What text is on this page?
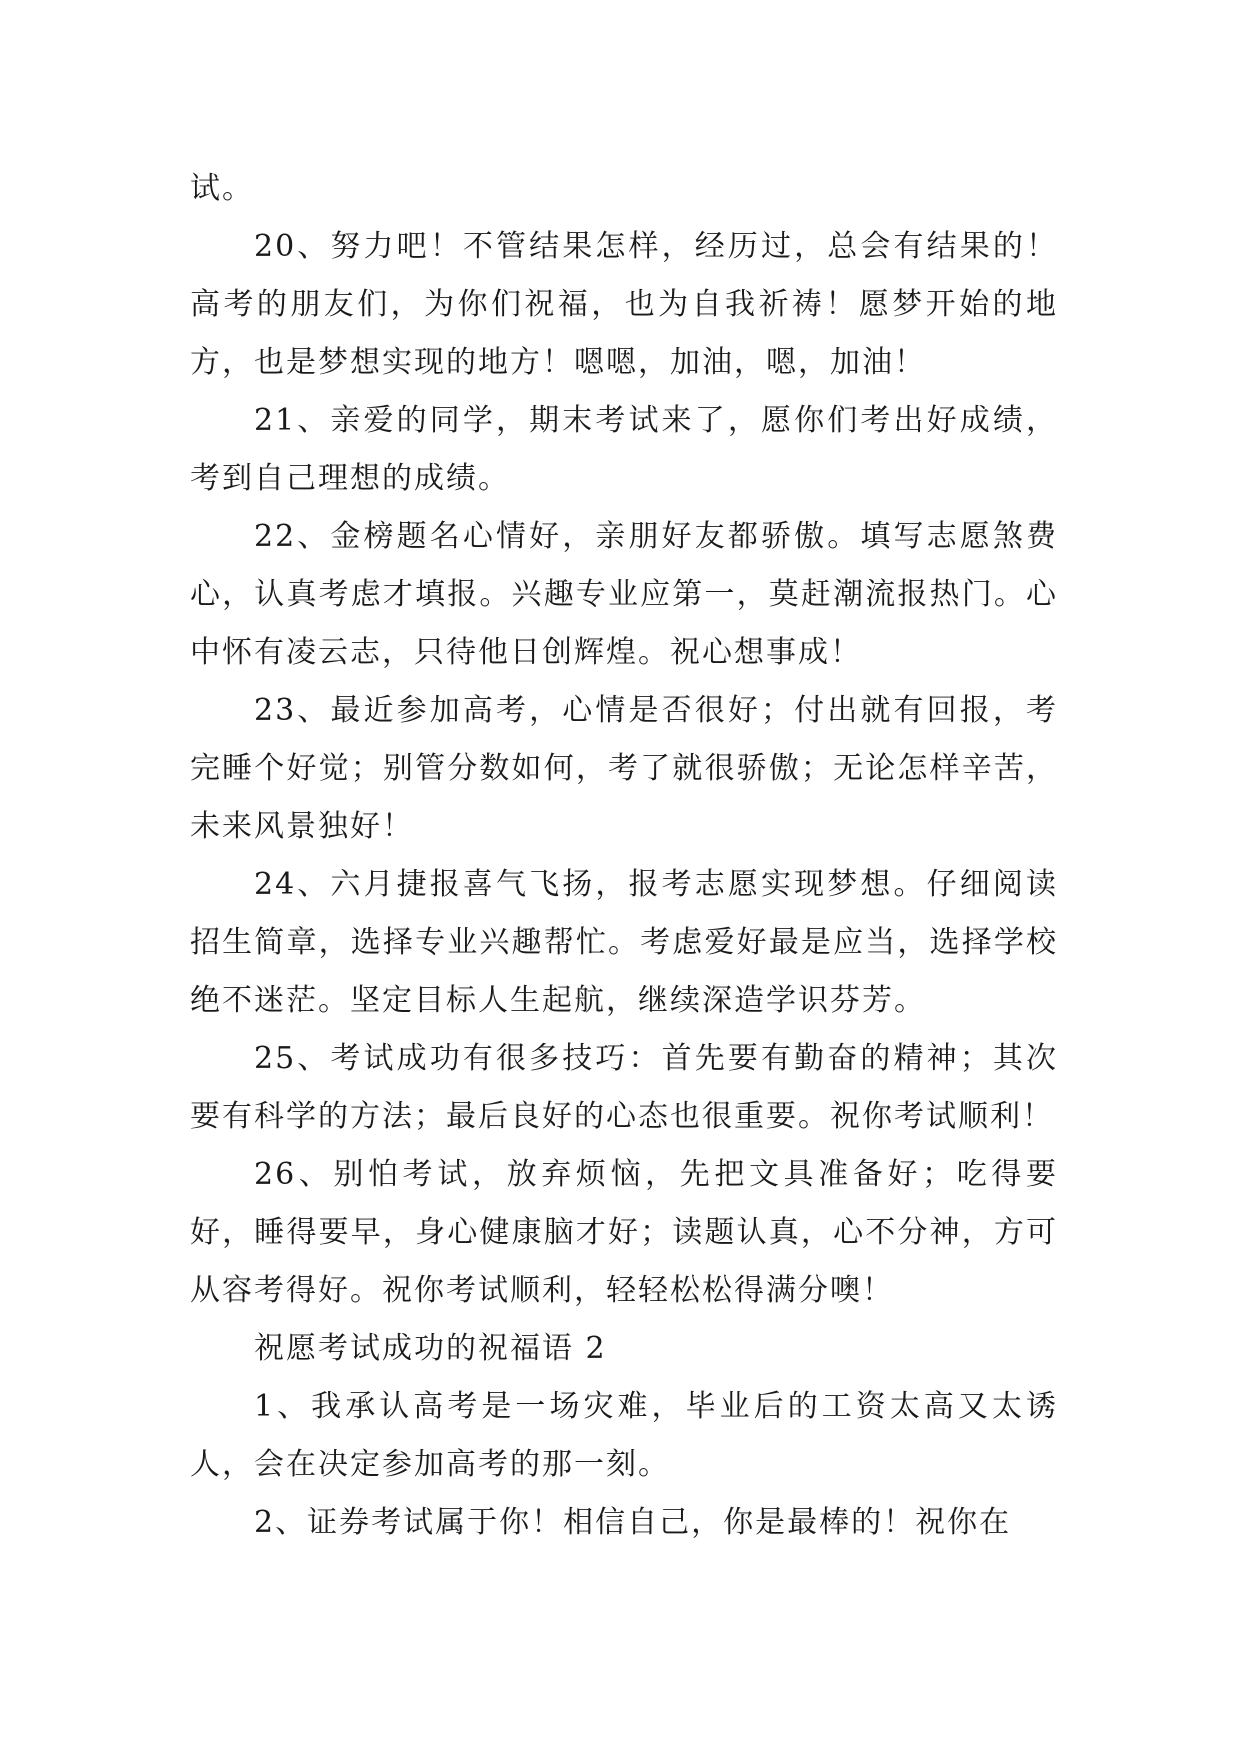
试。

20、努力吧！不管结果怎样，经历过，总会有结果的！高考的朋友们，为你们祝福，也为自我祈祷！愿梦开始的地方，也是梦想实现的地方！嗯嗯，加油，嗯，加油！

21、亲爱的同学，期末考试来了，愿你们考出好成绩，考到自己理想的成绩。

22、金榜题名心情好，亲朋好友都骄傲。填写志愿煞费心，认真考虑才填报。兴趣专业应第一，莫赶潮流报热门。心中怀有凌云志，只待他日创辉煌。祝心想事成！

23、最近参加高考，心情是否很好；付出就有回报，考完睡个好觉；别管分数如何，考了就很骄傲；无论怎样辛苦，未来风景独好！

24、六月捷报喜气飞扬，报考志愿实现梦想。仔细阅读招生简章，选择专业兴趣帮忙。考虑爱好最是应当，选择学校绝不迷茫。坚定目标人生起航，继续深造学识芬芳。

25、考试成功有很多技巧：首先要有勤奋的精神；其次要有科学的方法；最后良好的心态也很重要。祝你考试顺利！

26、别怕考试，放弃烦恼，先把文具准备好；吃得要好，睡得要早，身心健康脑才好；读题认真，心不分神，方可从容考得好。祝你考试顺利，轻轻松松得满分噢！

祝愿考试成功的祝福语 2

1、我承认高考是一场灾难，毕业后的工资太高又太诱人，会在决定参加高考的那一刻。

2、证券考试属于你！相信自己，你是最棒的！祝你在
